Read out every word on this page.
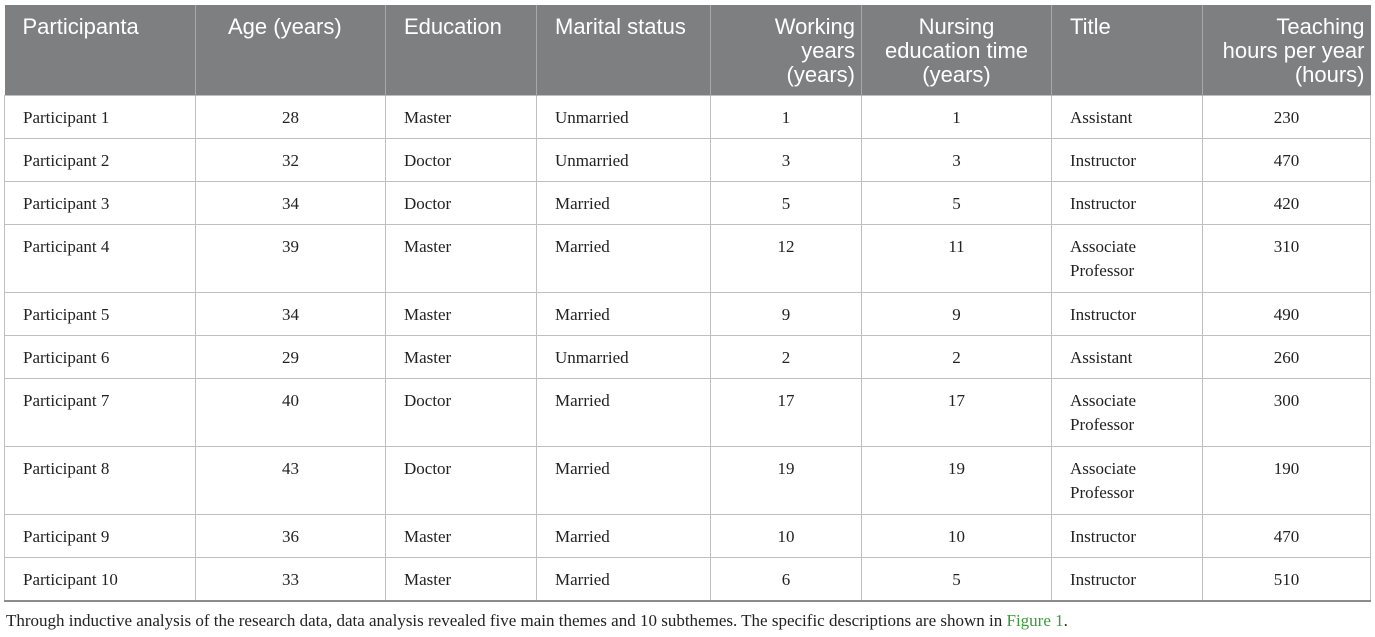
Participanta	Age (years)	Education	Marital status	Working years (years)	Nursing education time (years)	Title	Teaching hours per year (hours)
Participant 1	28	Master	Unmarried	1	1	Assistant	230
Participant 2	32	Doctor	Unmarried	3	3	Instructor	470
Participant 3	34	Doctor	Married	5	5	Instructor	420
Participant 4	39	Master	Married	12	11	Associate Professor	310
Participant 5	34	Master	Married	9	9	Instructor	490
Participant 6	29	Master	Unmarried	2	2	Assistant	260
Participant 7	40	Doctor	Married	17	17	Associate Professor	300
Participant 8	43	Doctor	Married	19	19	Associate Professor	190
Participant 9	36	Master	Married	10	10	Instructor	470
Participant 10	33	Master	Married	6	5	Instructor	510
Through inductive analysis of the research data, data analysis revealed five main themes and 10 subthemes. The specific descriptions are shown in Figure 1.
